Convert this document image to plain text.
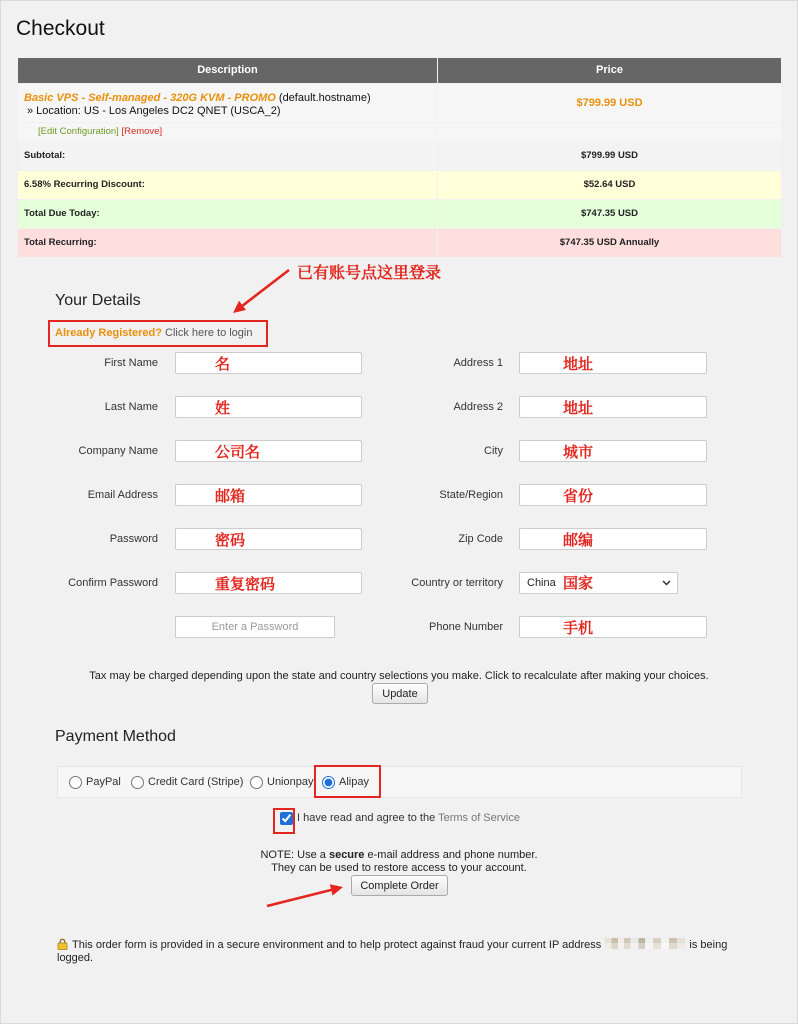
Checkout
Description	Price
Basic VPS - Self-managed - 320G KVM - PROMO (default.hostname)
» Location: US - Los Angeles DC2 QNET (USCA_2)
$799.99 USD
[Edit Configuration] [Remove]
Subtotal:	$799.99 USD
6.58% Recurring Discount:	$52.64 USD
Total Due Today:	$747.35 USD
Total Recurring:	$747.35 USD Annually
已有账号点这里登录
Your Details
Already Registered? Click here to login
First Name
名
Last Name
姓
Company Name
公司名
Email Address
邮箱
Password
密码
Confirm Password
重复密码
Enter a Password
Address 1
地址
Address 2
地址
City
城市
State/Region
省份
Zip Code
邮编
Country or territory China 国家
Phone Number
手机
Tax may be charged depending upon the state and country selections you make. Click to recalculate after making your choices.
Update
Payment Method
PayPal Credit Card (Stripe) Unionpay Alipay
I have read and agree to the Terms of Service
NOTE: Use a secure e-mail address and phone number.
They can be used to restore access to your account.
Complete Order
This order form is provided in a secure environment and to help protect against fraud your current IP address	is being logged.
